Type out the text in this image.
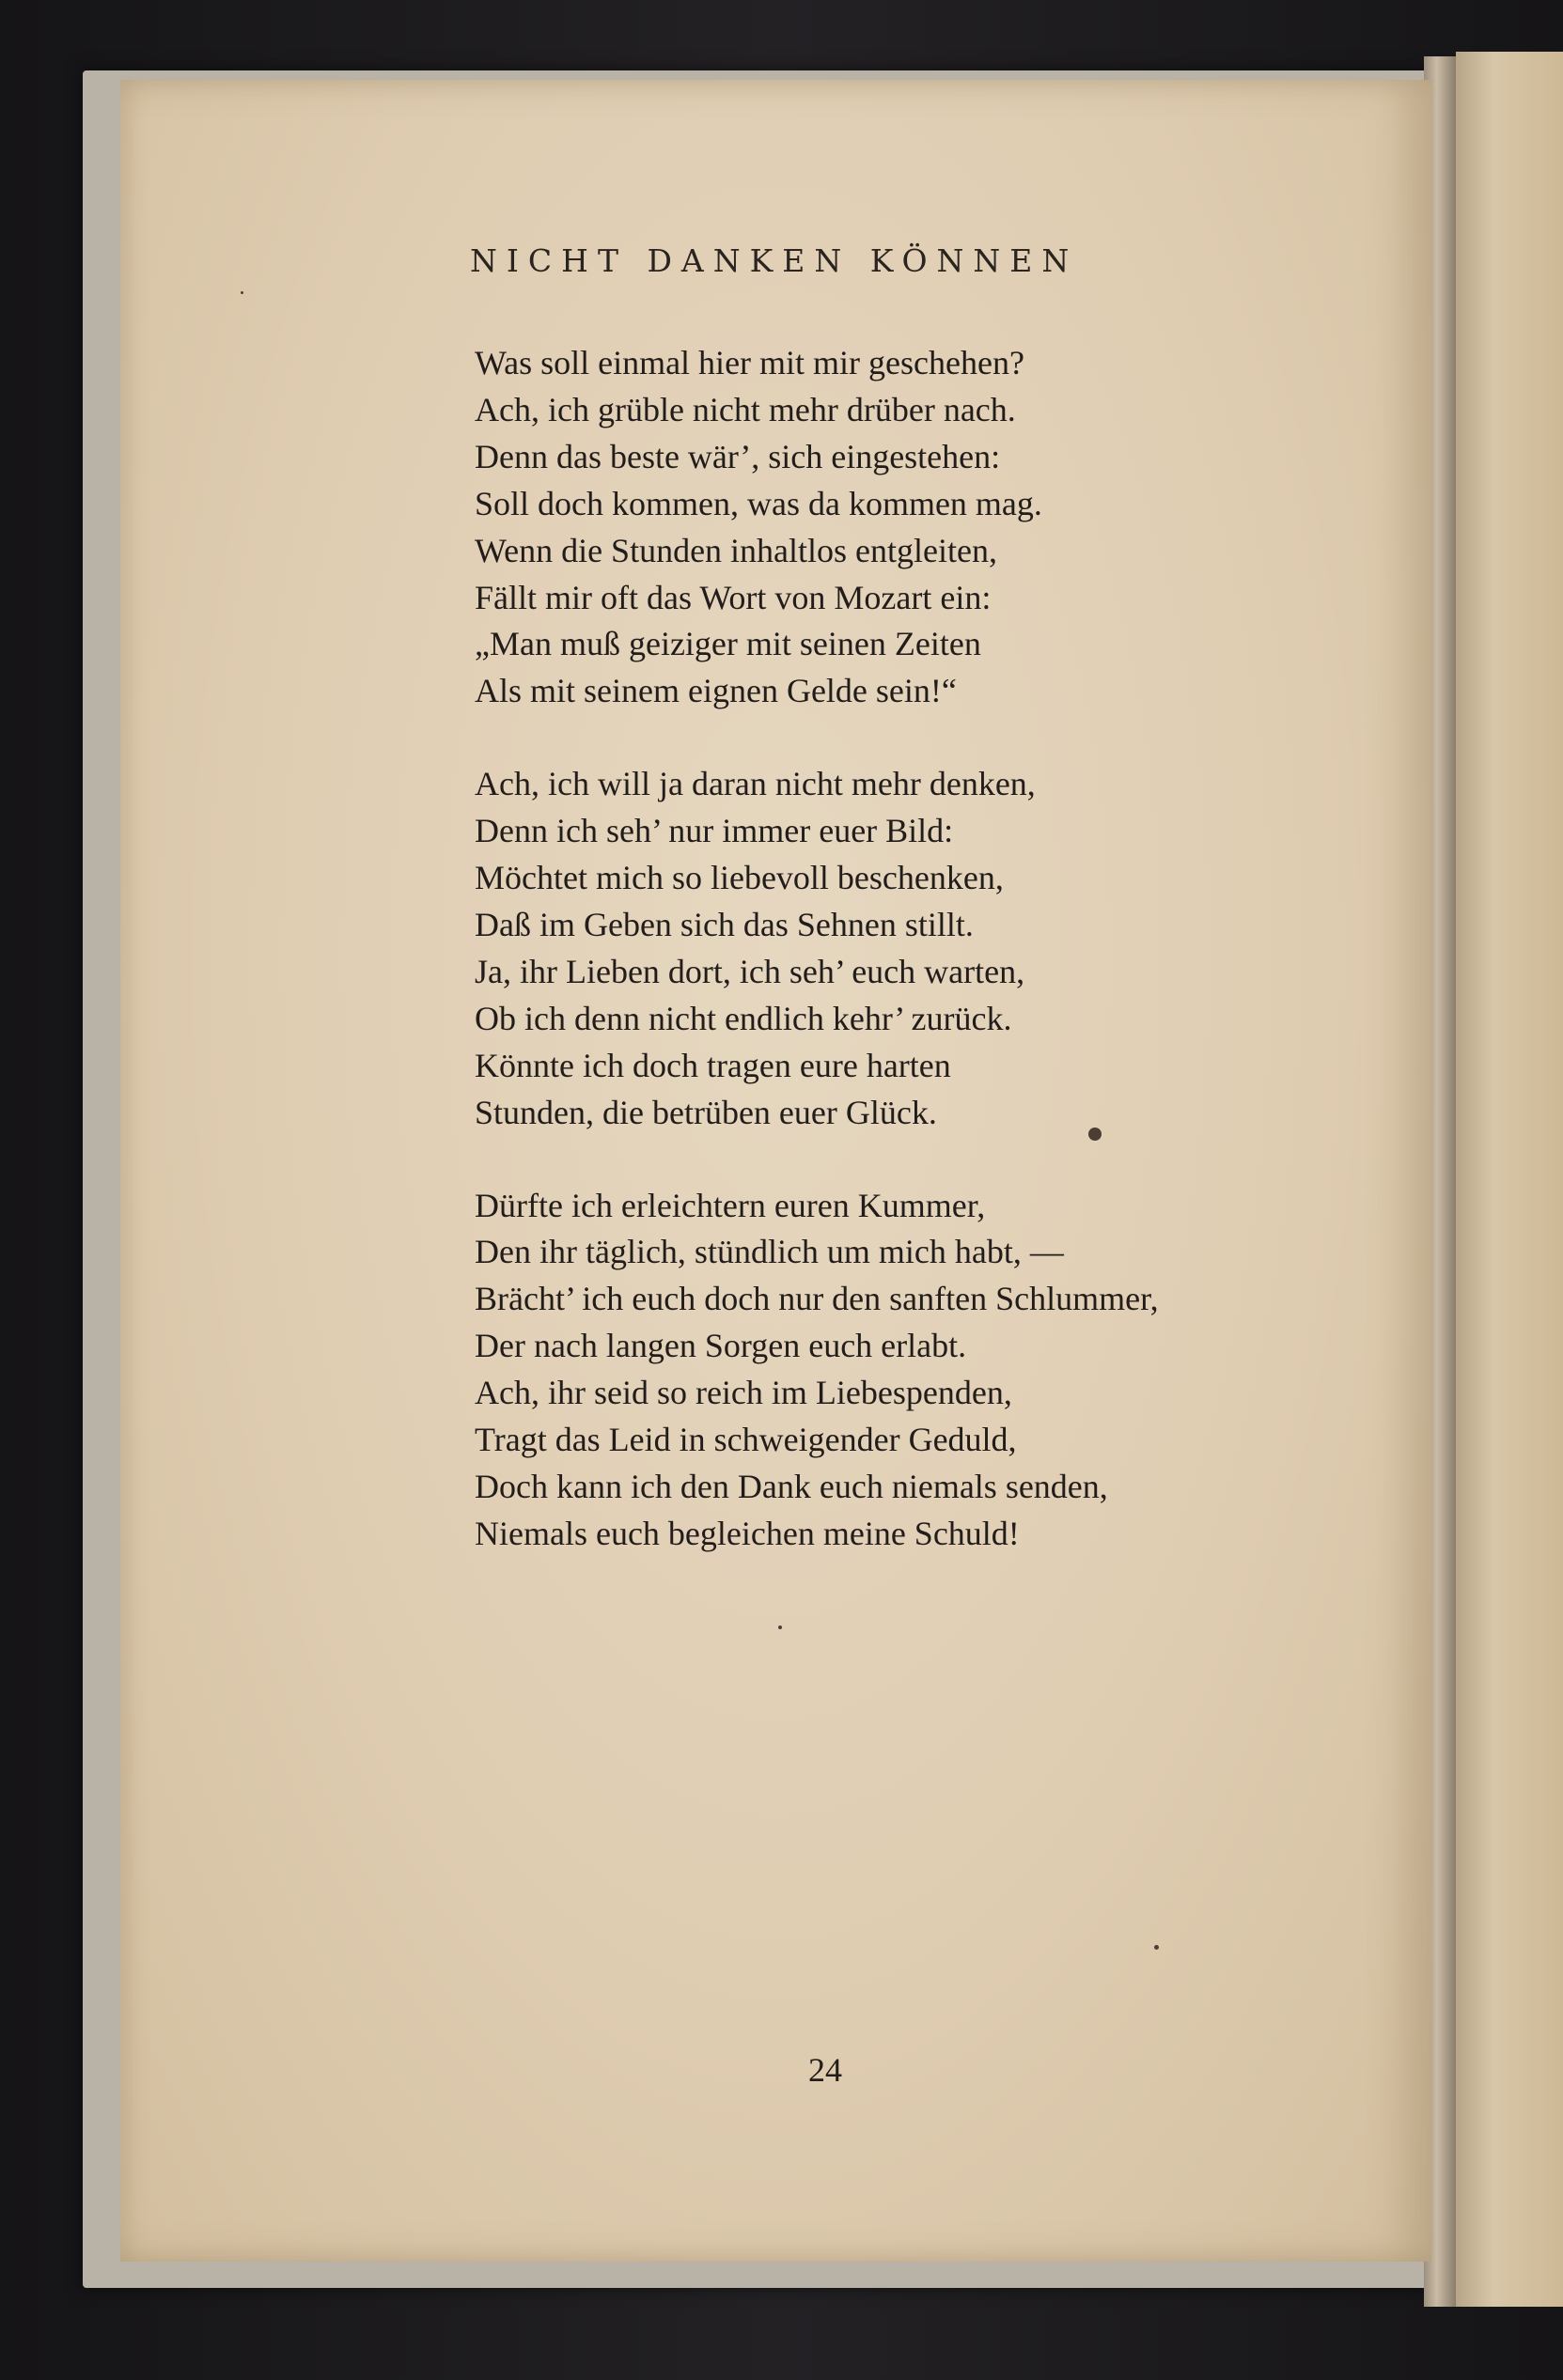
NICHT DANKEN KÖNNEN
Was soll einmal hier mit mir geschehen?
Ach, ich grüble nicht mehr drüber nach.
Denn das beste wär’, sich eingestehen:
Soll doch kommen, was da kommen mag.
Wenn die Stunden inhaltlos entgleiten,
Fällt mir oft das Wort von Mozart ein:
„Man muß geiziger mit seinen Zeiten
Als mit seinem eignen Gelde sein!“
Ach, ich will ja daran nicht mehr denken,
Denn ich seh’ nur immer euer Bild:
Möchtet mich so liebevoll beschenken,
Daß im Geben sich das Sehnen stillt.
Ja, ihr Lieben dort, ich seh’ euch warten,
Ob ich denn nicht endlich kehr’ zurück.
Könnte ich doch tragen eure harten
Stunden, die betrüben euer Glück.
Dürfte ich erleichtern euren Kummer,
Den ihr täglich, stündlich um mich habt, —
Brächt’ ich euch doch nur den sanften Schlummer,
Der nach langen Sorgen euch erlabt.
Ach, ihr seid so reich im Liebespenden,
Tragt das Leid in schweigender Geduld,
Doch kann ich den Dank euch niemals senden,
Niemals euch begleichen meine Schuld!
24
